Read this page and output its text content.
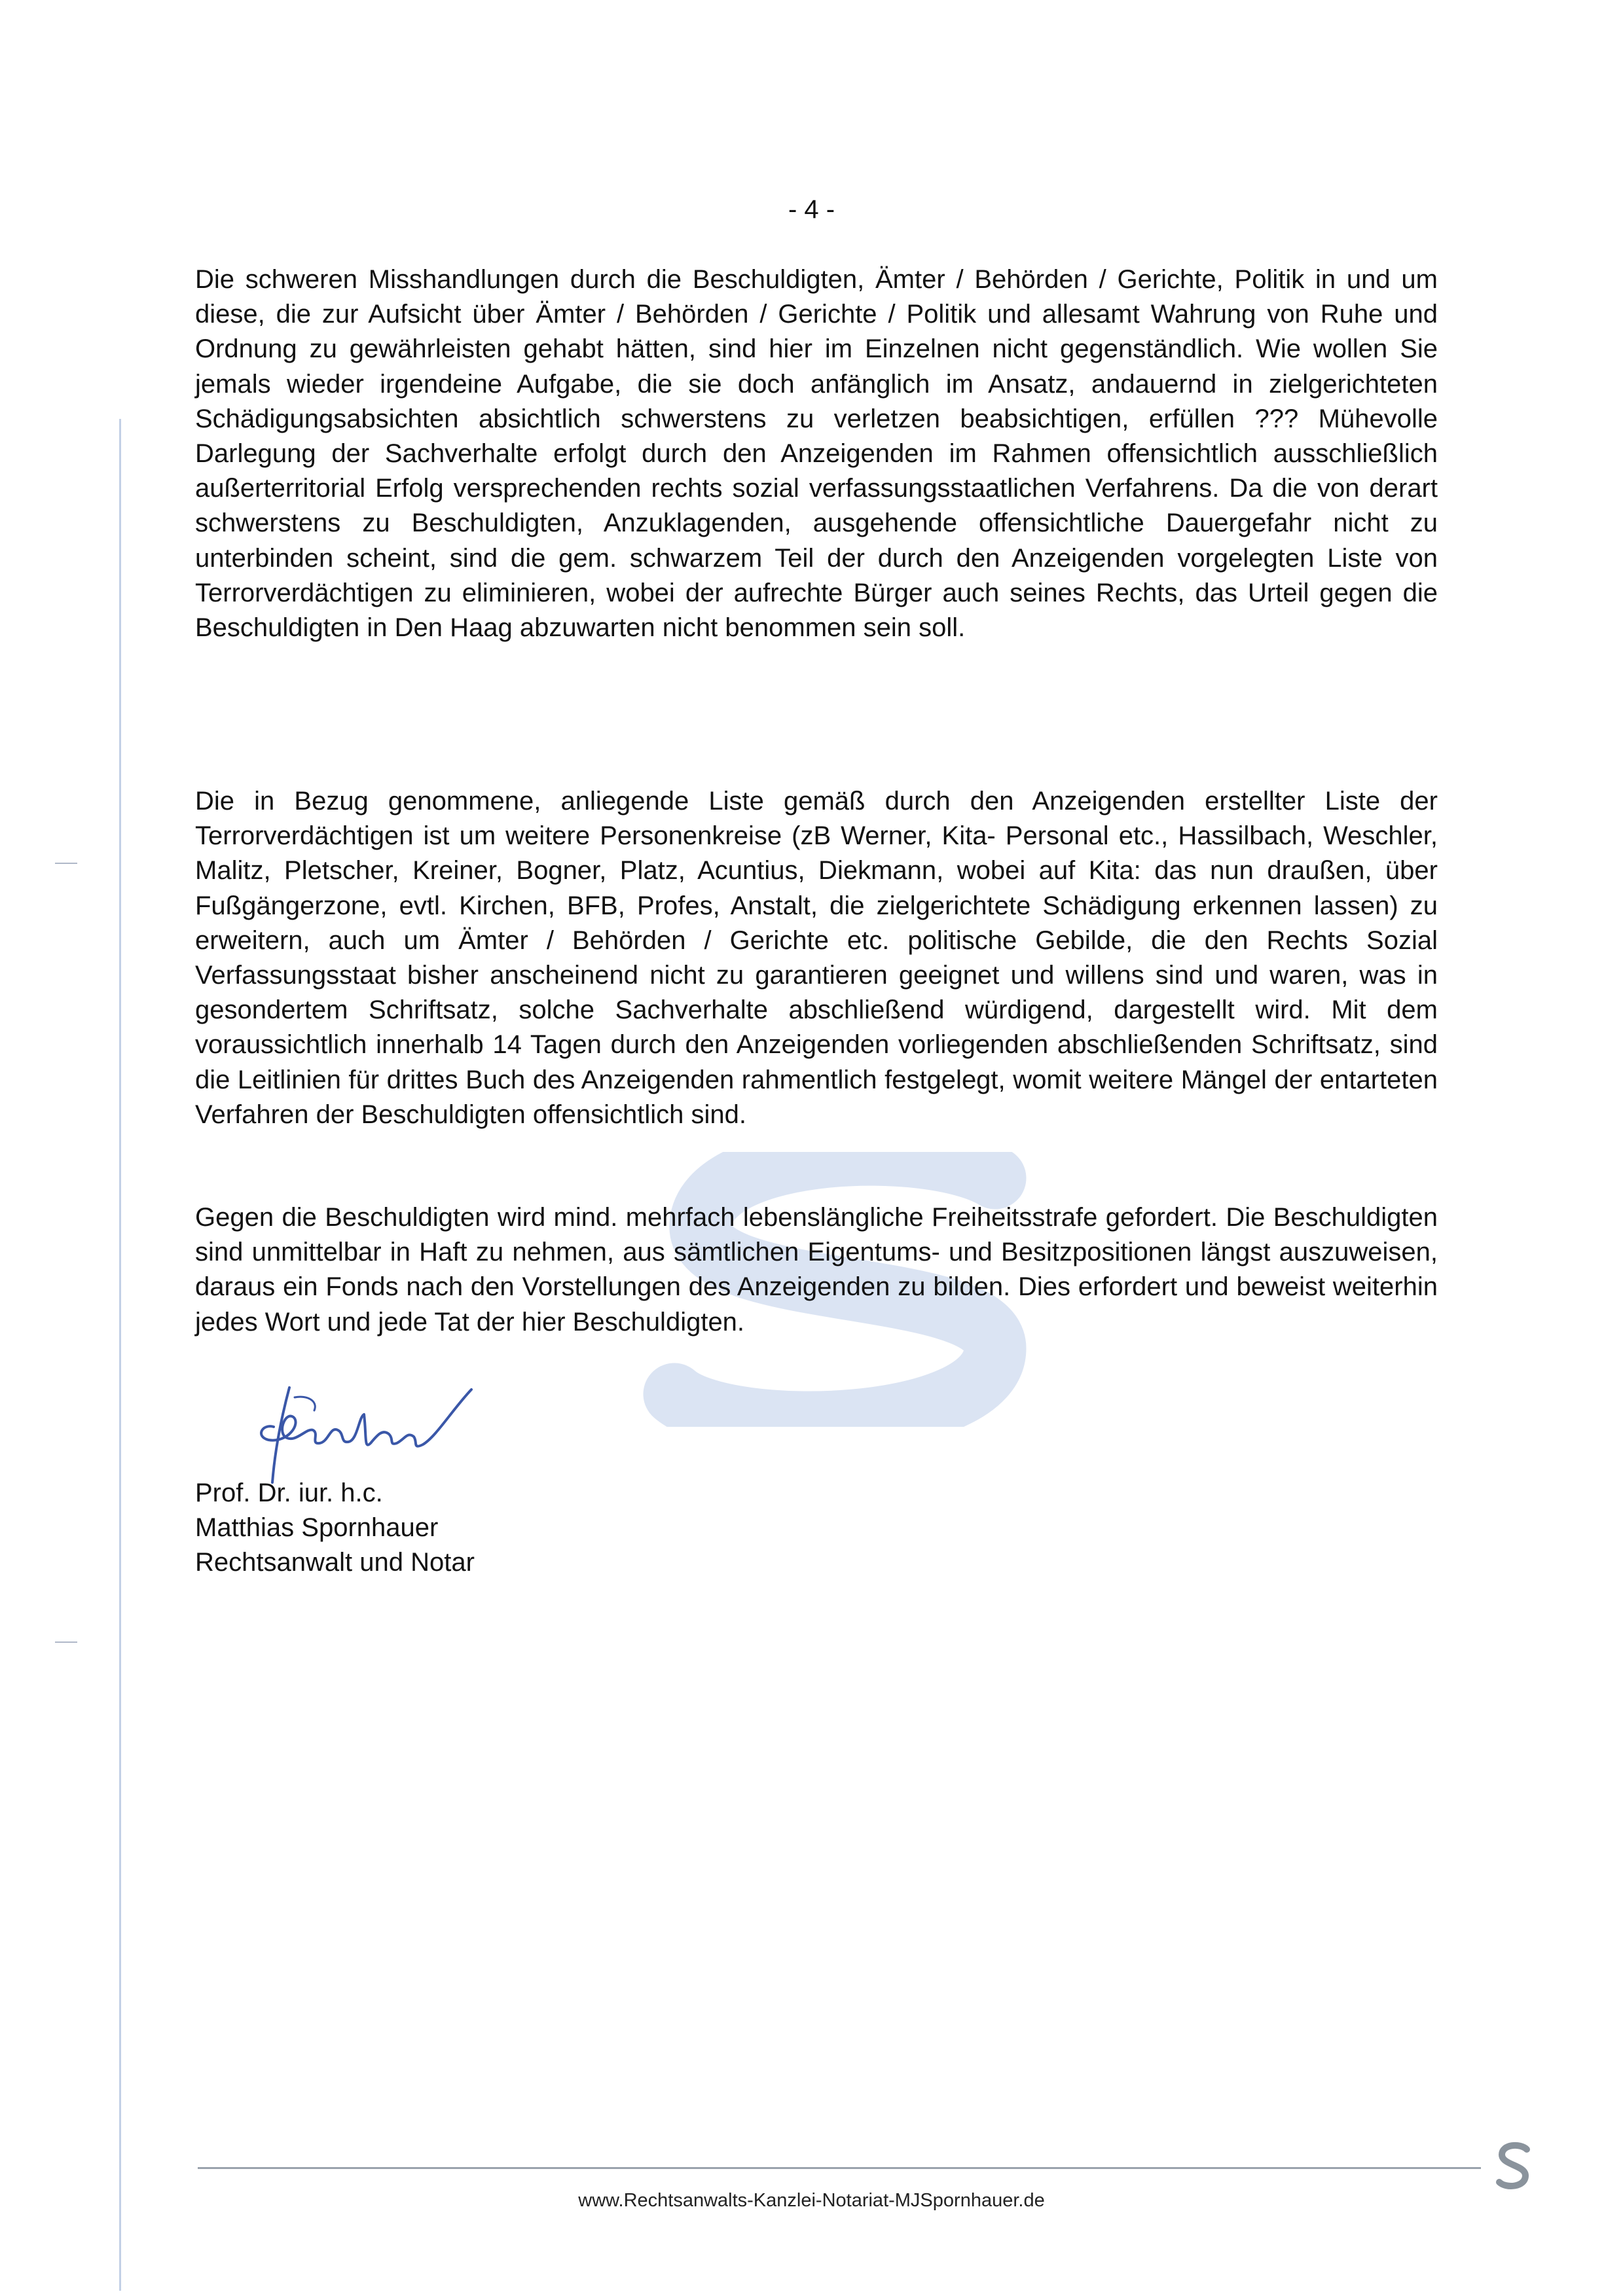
- 4 -

Die schweren Misshandlungen durch die Beschuldigten, Ämter / Behörden / Gerichte, Politik in und um diese, die zur Aufsicht über Ämter / Behörden / Gerichte / Politik und allesamt Wahrung von Ruhe und Ordnung zu gewährleisten gehabt hätten, sind hier im Einzelnen nicht gegenständlich. Wie wollen Sie jemals wieder irgendeine Aufgabe, die sie doch anfänglich im Ansatz, andauernd in zielgerichteten Schädigungsabsichten absichtlich schwerstens zu verletzen beabsichtigen, erfüllen ??? Mühevolle Darlegung der Sachverhalte erfolgt durch den Anzeigenden im Rahmen offensichtlich ausschließlich außerterritorial Erfolg versprechenden rechts sozial verfassungsstaatlichen Verfahrens. Da die von derart schwerstens zu Beschuldigten, Anzuklagenden, ausgehende offensichtliche Dauergefahr nicht zu unterbinden scheint, sind die gem. schwarzem Teil der durch den Anzeigenden vorgelegten Liste von Terrorverdächtigen zu eliminieren, wobei der aufrechte Bürger auch seines Rechts, das Urteil gegen die Beschuldigten in Den Haag abzuwarten nicht benommen sein soll.

Die in Bezug genommene, anliegende Liste gemäß durch den Anzeigenden erstellter Liste der Terrorverdächtigen ist um weitere Personenkreise (zB Werner, Kita- Personal etc., Hassilbach, Weschler, Malitz, Pletscher, Kreiner, Bogner, Platz, Acuntius, Diekmann, wobei auf Kita: das nun draußen, über Fußgängerzone, evtl. Kirchen, BFB, Profes, Anstalt, die zielgerichtete Schädigung erkennen lassen) zu erweitern, auch um Ämter / Behörden / Gerichte etc. politische Gebilde, die den Rechts Sozial Verfassungsstaat bisher anscheinend nicht zu garantieren geeignet und willens sind und waren, was in gesondertem Schriftsatz, solche Sachverhalte abschließend würdigend, dargestellt wird. Mit dem voraussichtlich innerhalb 14 Tagen durch den Anzeigenden vorliegenden abschließenden Schriftsatz, sind die Leitlinien für drittes Buch des Anzeigenden rahmentlich festgelegt, womit weitere Mängel der entarteten Verfahren der Beschuldigten offensichtlich sind.

Gegen die Beschuldigten wird mind. mehrfach lebenslängliche Freiheitsstrafe gefordert. Die Beschuldigten sind unmittelbar in Haft zu nehmen, aus sämtlichen Eigentums- und Besitzpositionen längst auszuweisen, daraus ein Fonds nach den Vorstellungen des Anzeigenden zu bilden. Dies erfordert und beweist weiterhin jedes Wort und jede Tat der hier Beschuldigten.

Prof. Dr. iur. h.c.
Matthias Spornhauer
Rechtsanwalt und Notar
www.Rechtsanwalts-Kanzlei-Notariat-MJSpornhauer.de
